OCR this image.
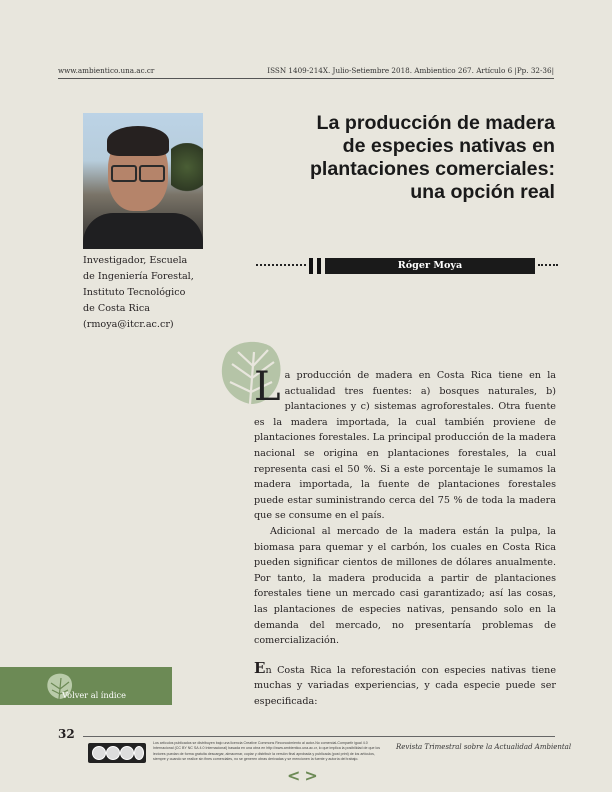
www.ambientico.una.ac.cr	ISSN 1409-214X. Julio-Setiembre 2018. Ambientico 267. Artículo 6 |Pp. 32-36|
Investigador, Escuela
de Ingeniería Forestal,
Instituto Tecnológico
de Costa Rica
(rmoya@itcr.ac.cr)
La producción de madera
de especies nativas en
plantaciones comerciales:
una opción real
Róger Moya

La producción de madera en Costa Rica tiene en la actualidad tres fuentes: a) bosques naturales, b) plantaciones y c) sistemas agroforestales. Otra fuente es la madera importada, la cual también proviene de plantaciones forestales. La principal producción de la madera nacional se origina en plantaciones forestales, la cual representa casi el 50 %. Si a este porcentaje le sumamos la madera importada, la fuente de plantaciones forestales puede estar suministrando cerca del 75 % de toda la madera que se consume en el país.

Adicional al mercado de la madera están la pulpa, la biomasa para quemar y el carbón, los cuales en Costa Rica pueden significar cientos de millones de dólares anualmente. Por tanto, la madera producida a partir de plantaciones forestales tiene un mercado casi garantizado; así las cosas, las plantaciones de especies nativas, pensando solo en la demanda del mercado, no presentaría problemas de comercialización.

En Costa Rica la reforestación con especies nativas tiene muchas y variadas experiencias, y cada especie puede ser especificada:

Volver al índice
32
Los artículos publicados se distribuyen bajo una licencia Creative Commons Reconocimiento al autor-No comercial-Compartir igual 4.0 Internacional (CC BY NC SA 4.0 Internacional) basada en una obra en http://www.ambientico.una.ac.cr, lo que implica la posibilidad de que los lectores puedan de forma gratuita descargar, almacenar, copiar y distribuir la versión final aprobada y publicada (post print) de los artículos, siempre y cuando se realice sin fines comerciales, no se generen obras derivadas y se mencionen la fuente y autoría del trabajo.
Revista Trimestral sobre la Actualidad Ambiental
<>
